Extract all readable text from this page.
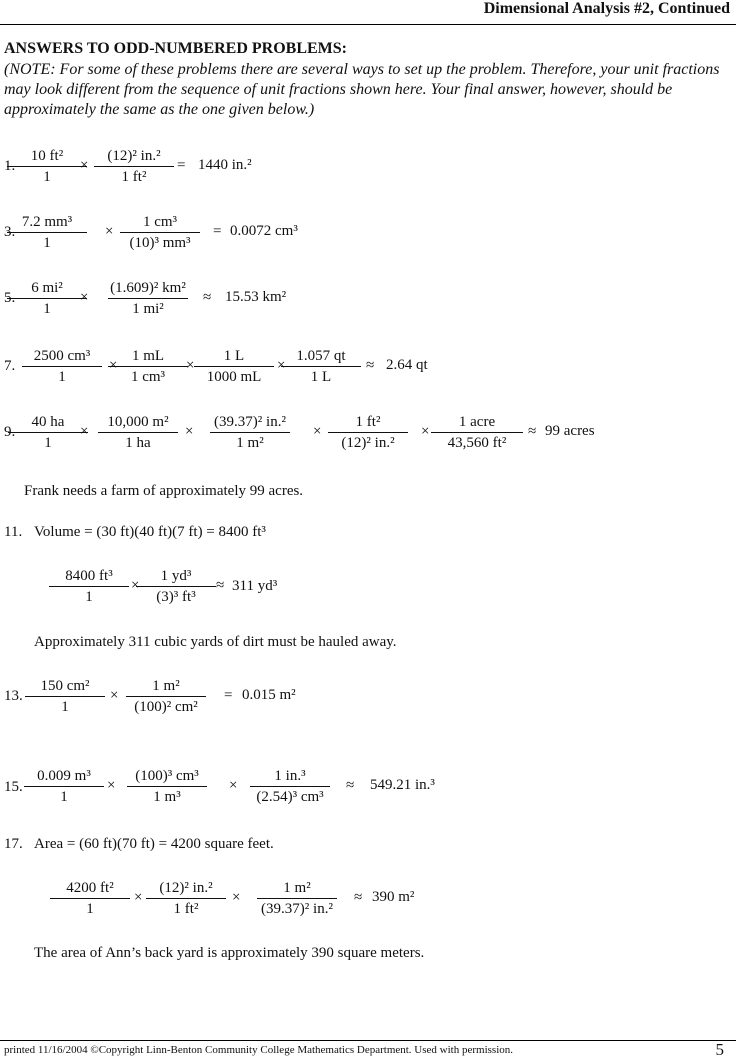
Dimensional Analysis #2, Continued
ANSWERS TO ODD-NUMBERED PROBLEMS:
(NOTE: For some of these problems there are several ways to set up the problem. Therefore, your unit fractions may look different from the sequence of unit fractions shown here. Your final answer, however, should be approximately the same as the one given below.)
1.
$\frac{\text{10 ft²}}{1}$
× $\frac{\text{(12)² in.²}}{\text{1 ft²}} = 1440$ in.²
3.
$\frac{\text{7.2 mm³}}{1} \times \frac{\text{1 cm³}}{\text{(10)³ mm³}} = 0.0072$ cm³
5.
$\frac{\text{6 mi²}}{1}$
× $\frac{\text{(1.609)² km²}}{\text{1 mi²}} \approx 15.53$ km²
7. $\frac{\text{2500 cm³}}{1}$ ×
$\frac{1 mL}{\text{1 cm³}}$
× $\frac{1 L}{1000 mL}$ ×
$\frac{1.057 qt}{1 L} \approx 2.64$ qt
9.
$\frac{40 ha}{1}$
× $\frac{\text{10,000 m²}}{1 ha} \times \frac{\text{(39.37)² in.²}}{\text{1 m²}} \times \frac{\text{1 ft²}}{\text{(12)² in.²}}$ ×
1 acre
43,560 ft²
≈ 99 acres
Frank needs a farm of approximately 99 acres.
11. Volume = (30 ft)(40 ft)(7 ft) = 8400 ft³
$\frac{\text{8400 ft³}}{1}$ ×
$\frac{\text{1 yd³}}{\text{(3)³ ft³}} \approx 311$ yd³
Approximately 311 cubic yards of dirt must be hauled away.
13. $\frac{\text{150 cm²}}{1} \times \frac{\text{1 m²}}{\text{(100)² cm²}} = 0.015$ m²
15. $\frac{\text{0.009 m³}}{1} \times \frac{\text{(100)³ cm³}}{\text{1 m³}} \times \frac{\text{1 in.³}}{\text{(2.54)³ cm³}} \approx 549.21$ in.³
17. Area = (60 ft)(70 ft) = 4200 square feet.
$\frac{\text{4200 ft²}}{1} \times \frac{\text{(12)² in.²}}{\text{1 ft²}} \times \frac{\text{1 m²}}{\text{(39.37)² in.²}} \approx 390$ m²
The area of Ann’s back yard is approximately 390 square meters.
printed 11/16/2004 ©Copyright Linn-Benton Community College Mathematics Department. Used with permission.	5
